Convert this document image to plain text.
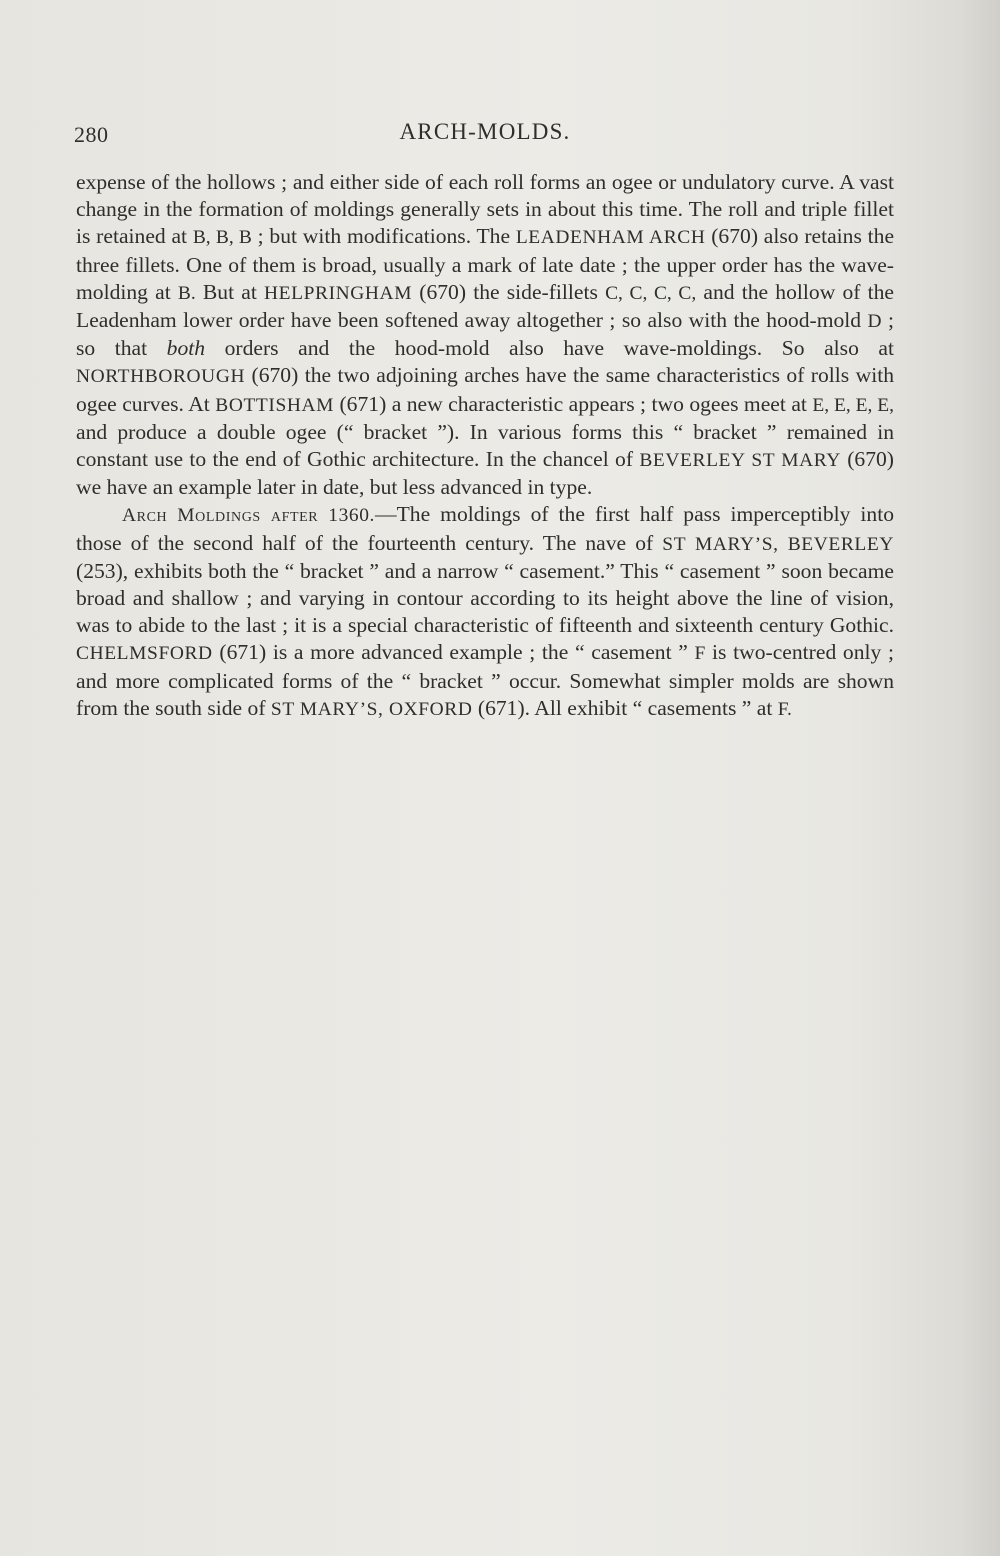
280	ARCH-MOLDS.

expense of the hollows ; and either side of each roll forms an ogee or undulatory curve. A vast change in the formation of moldings generally sets in about this time. The roll and triple fillet is retained at B, B, B ; but with modifications. The LEADENHAM ARCH (670) also retains the three fillets. One of them is broad, usually a mark of late date ; the upper order has the wave-molding at B. But at HELPRINGHAM (670) the side-fillets C, C, C, C, and the hollow of the Leadenham lower order have been softened away altogether ; so also with the hood-mold D ; so that both orders and the hood-mold also have wave-moldings. So also at NORTHBOROUGH (670) the two adjoining arches have the same characteristics of rolls with ogee curves. At BOTTISHAM (671) a new characteristic appears ; two ogees meet at E, E, E, E, and produce a double ogee (“ bracket ”). In various forms this “ bracket ” remained in constant use to the end of Gothic architecture. In the chancel of BEVERLEY ST MARY (670) we have an example later in date, but less advanced in type.

Arch Moldings after 1360.—The moldings of the first half pass imperceptibly into those of the second half of the fourteenth century. The nave of ST MARY’S, BEVERLEY (253), exhibits both the “ bracket ” and a narrow “ casement.” This “ casement ” soon became broad and shallow ; and varying in contour according to its height above the line of vision, was to abide to the last ; it is a special characteristic of fifteenth and sixteenth century Gothic. CHELMSFORD (671) is a more advanced example ; the “ casement ” F is two-centred only ; and more complicated forms of the “ bracket ” occur. Somewhat simpler molds are shown from the south side of ST MARY’S, OXFORD (671). All exhibit “ casements ” at F.
